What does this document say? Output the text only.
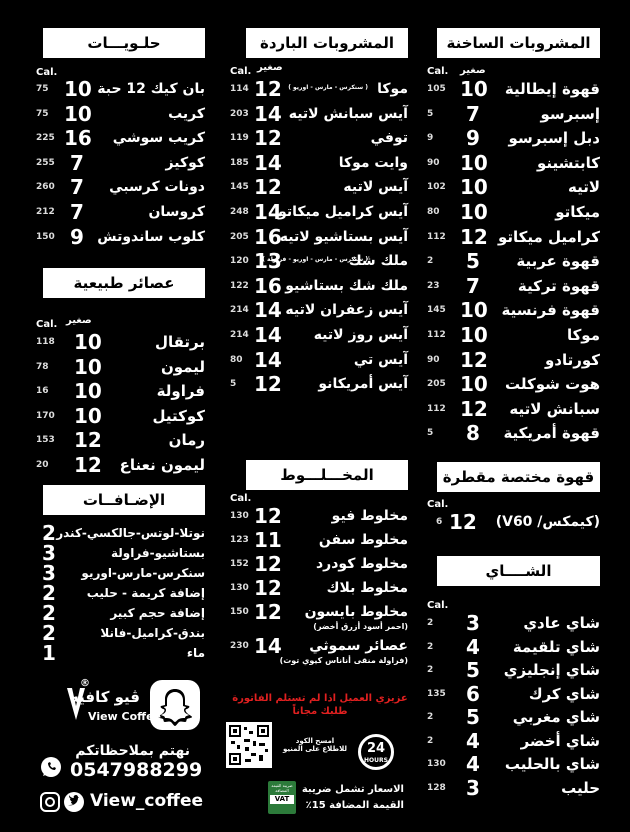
المشروبات الساخنة
Cal. صغير
قهوة إيطالية
10
105
إسبرسو
7
5
دبل إسبرسو
9
9
كابتشينو
10
90
لاتيه
10
102
ميكاتو
10
80
كراميل ميكاتو
12
112
قهوة عربية
5
2
قهوة تركية
7
23
قهوة فرنسية
10
145
موكا
10
112
كورتادو
12
90
هوت شوكلت
10
205
سبانش لاتيه
12
112
قهوة أمريكية
8
5
قهوة مختصة مقطرة
Cal.
(كيمكس/ V60)
12
6
الشــــاي
Cal.
شاي عادي
3
2
شاي تلقيمة
4
2
شاي إنجليزي
5
2
شاي كرك
6
135
شاي مغربي
5
2
شاي أخضر
4
2
شاي بالحليب
4
130
حليب
3
128
المشروبات الباردة
Cal. صغير
موكا
( سنكرس - مارس - اوريو )
12
114
آيس سبانش لاتيه
14
203
توفي
12
119
وايت موكا
14
185
آيس لاتيه
12
145
آيس كراميل ميكاتو
14
248
آيس بستاشيو لاتيه
16
205
ملك شك
( سنكرس - مارس - اوريو - فراولة )
13
120
ملك شك بستاشيو
16
122
آيس زعفران لاتيه
14
214
آيس روز لاتيه
14
214
آيس تي
14
80
آيس أمريكانو
12
5
المخـــلـــوط
Cal.
مخلوط فيو
12
130
مخلوط سفن
11
123
مخلوط كودرد
12
152
مخلوط بلاك
12
130
مخلوط بايسون
(احمر أسود أزرق أخضر)
12
150
عصائر سموثي
(فراولة منقى أناناس كيوي توت)
14
230
حلـويـــات
Cal.
بان كيك 12 حبة
10
75
كريب
10
75
كريب سوشي
16
225
كوكيز
7
255
دونات كرسبي
7
260
كروسان
7
212
كلوب ساندوتش
9
150
عصائر طبيعية وطازجة
Cal. صغير
برتقال
10
118
ليمون
10
78
فراولة
10
16
كوكتيل
10
170
رمان
12
153
ليمون نعناع
12
20
الإضـافــات
نوتلا-لوتس-جالكسي-كندر
2
بستاشيو-فراولة
3
سنكرس-مارس-اوريو
3
إضافة كريمة - حليب
2
إضافة حجم كبير
2
بندق-كراميل-فانلا
2
ماء
1
ڤيو كافيه
®
View Coffee
نهتم بملاحظاتكم
0547988299
View_coffee
عزيزي العميل اذا لم تستلم الفاتورة
طلبك مجاناً
امسح الكود
للاطلاع على المنيو	24
HOURS
ضريبة القيمة المضافة
VAT
الاسعار تشمل ضريبة
القيمة المضافة 15٪
